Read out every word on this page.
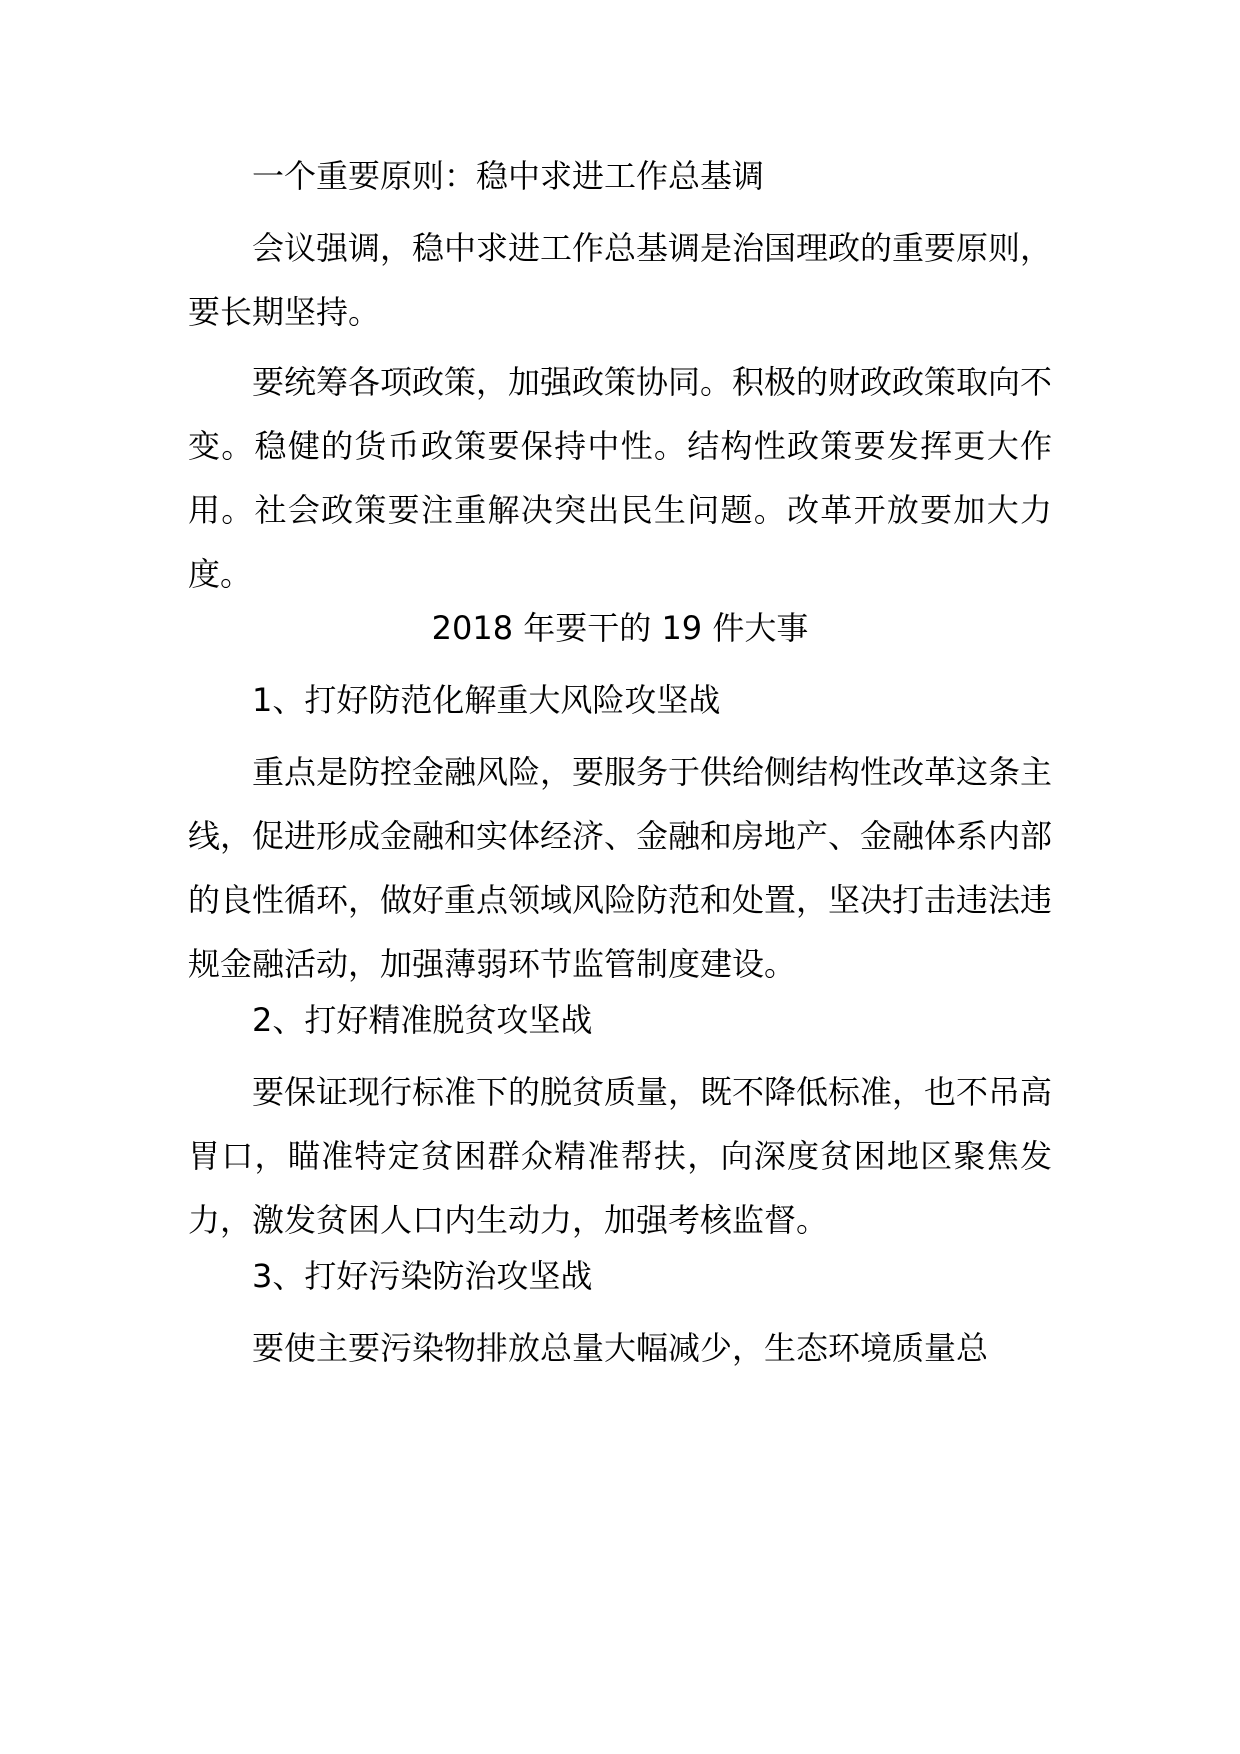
一个重要原则：稳中求进工作总基调

会议强调，稳中求进工作总基调是治国理政的重要原则，要长期坚持。

要统筹各项政策，加强政策协同。积极的财政政策取向不变。稳健的货币政策要保持中性。结构性政策要发挥更大作用。社会政策要注重解决突出民生问题。改革开放要加大力度。

2018 年要干的 19 件大事

1、打好防范化解重大风险攻坚战

重点是防控金融风险，要服务于供给侧结构性改革这条主线，促进形成金融和实体经济、金融和房地产、金融体系内部的良性循环，做好重点领域风险防范和处置，坚决打击违法违规金融活动，加强薄弱环节监管制度建设。

2、打好精准脱贫攻坚战

要保证现行标准下的脱贫质量，既不降低标准，也不吊高胃口，瞄准特定贫困群众精准帮扶，向深度贫困地区聚焦发力，激发贫困人口内生动力，加强考核监督。

3、打好污染防治攻坚战

要使主要污染物排放总量大幅减少，生态环境质量总
